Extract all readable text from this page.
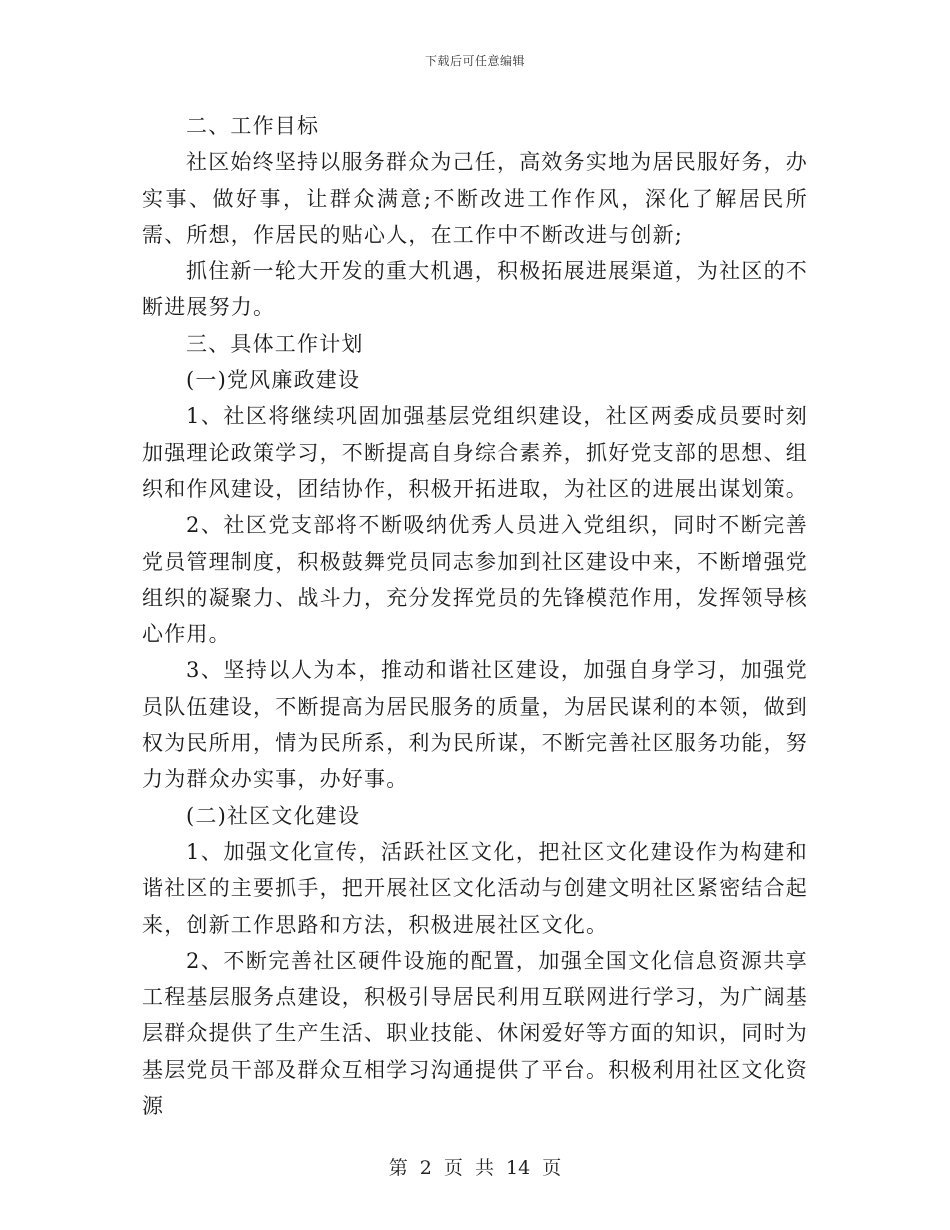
下载后可任意编辑

二、工作目标

社区始终坚持以服务群众为己任，高效务实地为居民服好务，办实事、做好事，让群众满意;不断改进工作作风，深化了解居民所需、所想，作居民的贴心人，在工作中不断改进与创新;

抓住新一轮大开发的重大机遇，积极拓展进展渠道，为社区的不断进展努力。

三、具体工作计划

(一)党风廉政建设

1、社区将继续巩固加强基层党组织建设，社区两委成员要时刻加强理论政策学习，不断提高自身综合素养，抓好党支部的思想、组织和作风建设，团结协作，积极开拓进取，为社区的进展出谋划策。

2、社区党支部将不断吸纳优秀人员进入党组织，同时不断完善党员管理制度，积极鼓舞党员同志参加到社区建设中来，不断增强党组织的凝聚力、战斗力，充分发挥党员的先锋模范作用，发挥领导核心作用。

3、坚持以人为本，推动和谐社区建设，加强自身学习，加强党员队伍建设，不断提高为居民服务的质量，为居民谋利的本领，做到权为民所用，情为民所系，利为民所谋，不断完善社区服务功能，努力为群众办实事，办好事。

(二)社区文化建设

1、加强文化宣传，活跃社区文化，把社区文化建设作为构建和谐社区的主要抓手，把开展社区文化活动与创建文明社区紧密结合起来，创新工作思路和方法，积极进展社区文化。

2、不断完善社区硬件设施的配置，加强全国文化信息资源共享工程基层服务点建设，积极引导居民利用互联网进行学习，为广阔基层群众提供了生产生活、职业技能、休闲爱好等方面的知识，同时为基层党员干部及群众互相学习沟通提供了平台。积极利用社区文化资源

第 2 页 共 14 页
